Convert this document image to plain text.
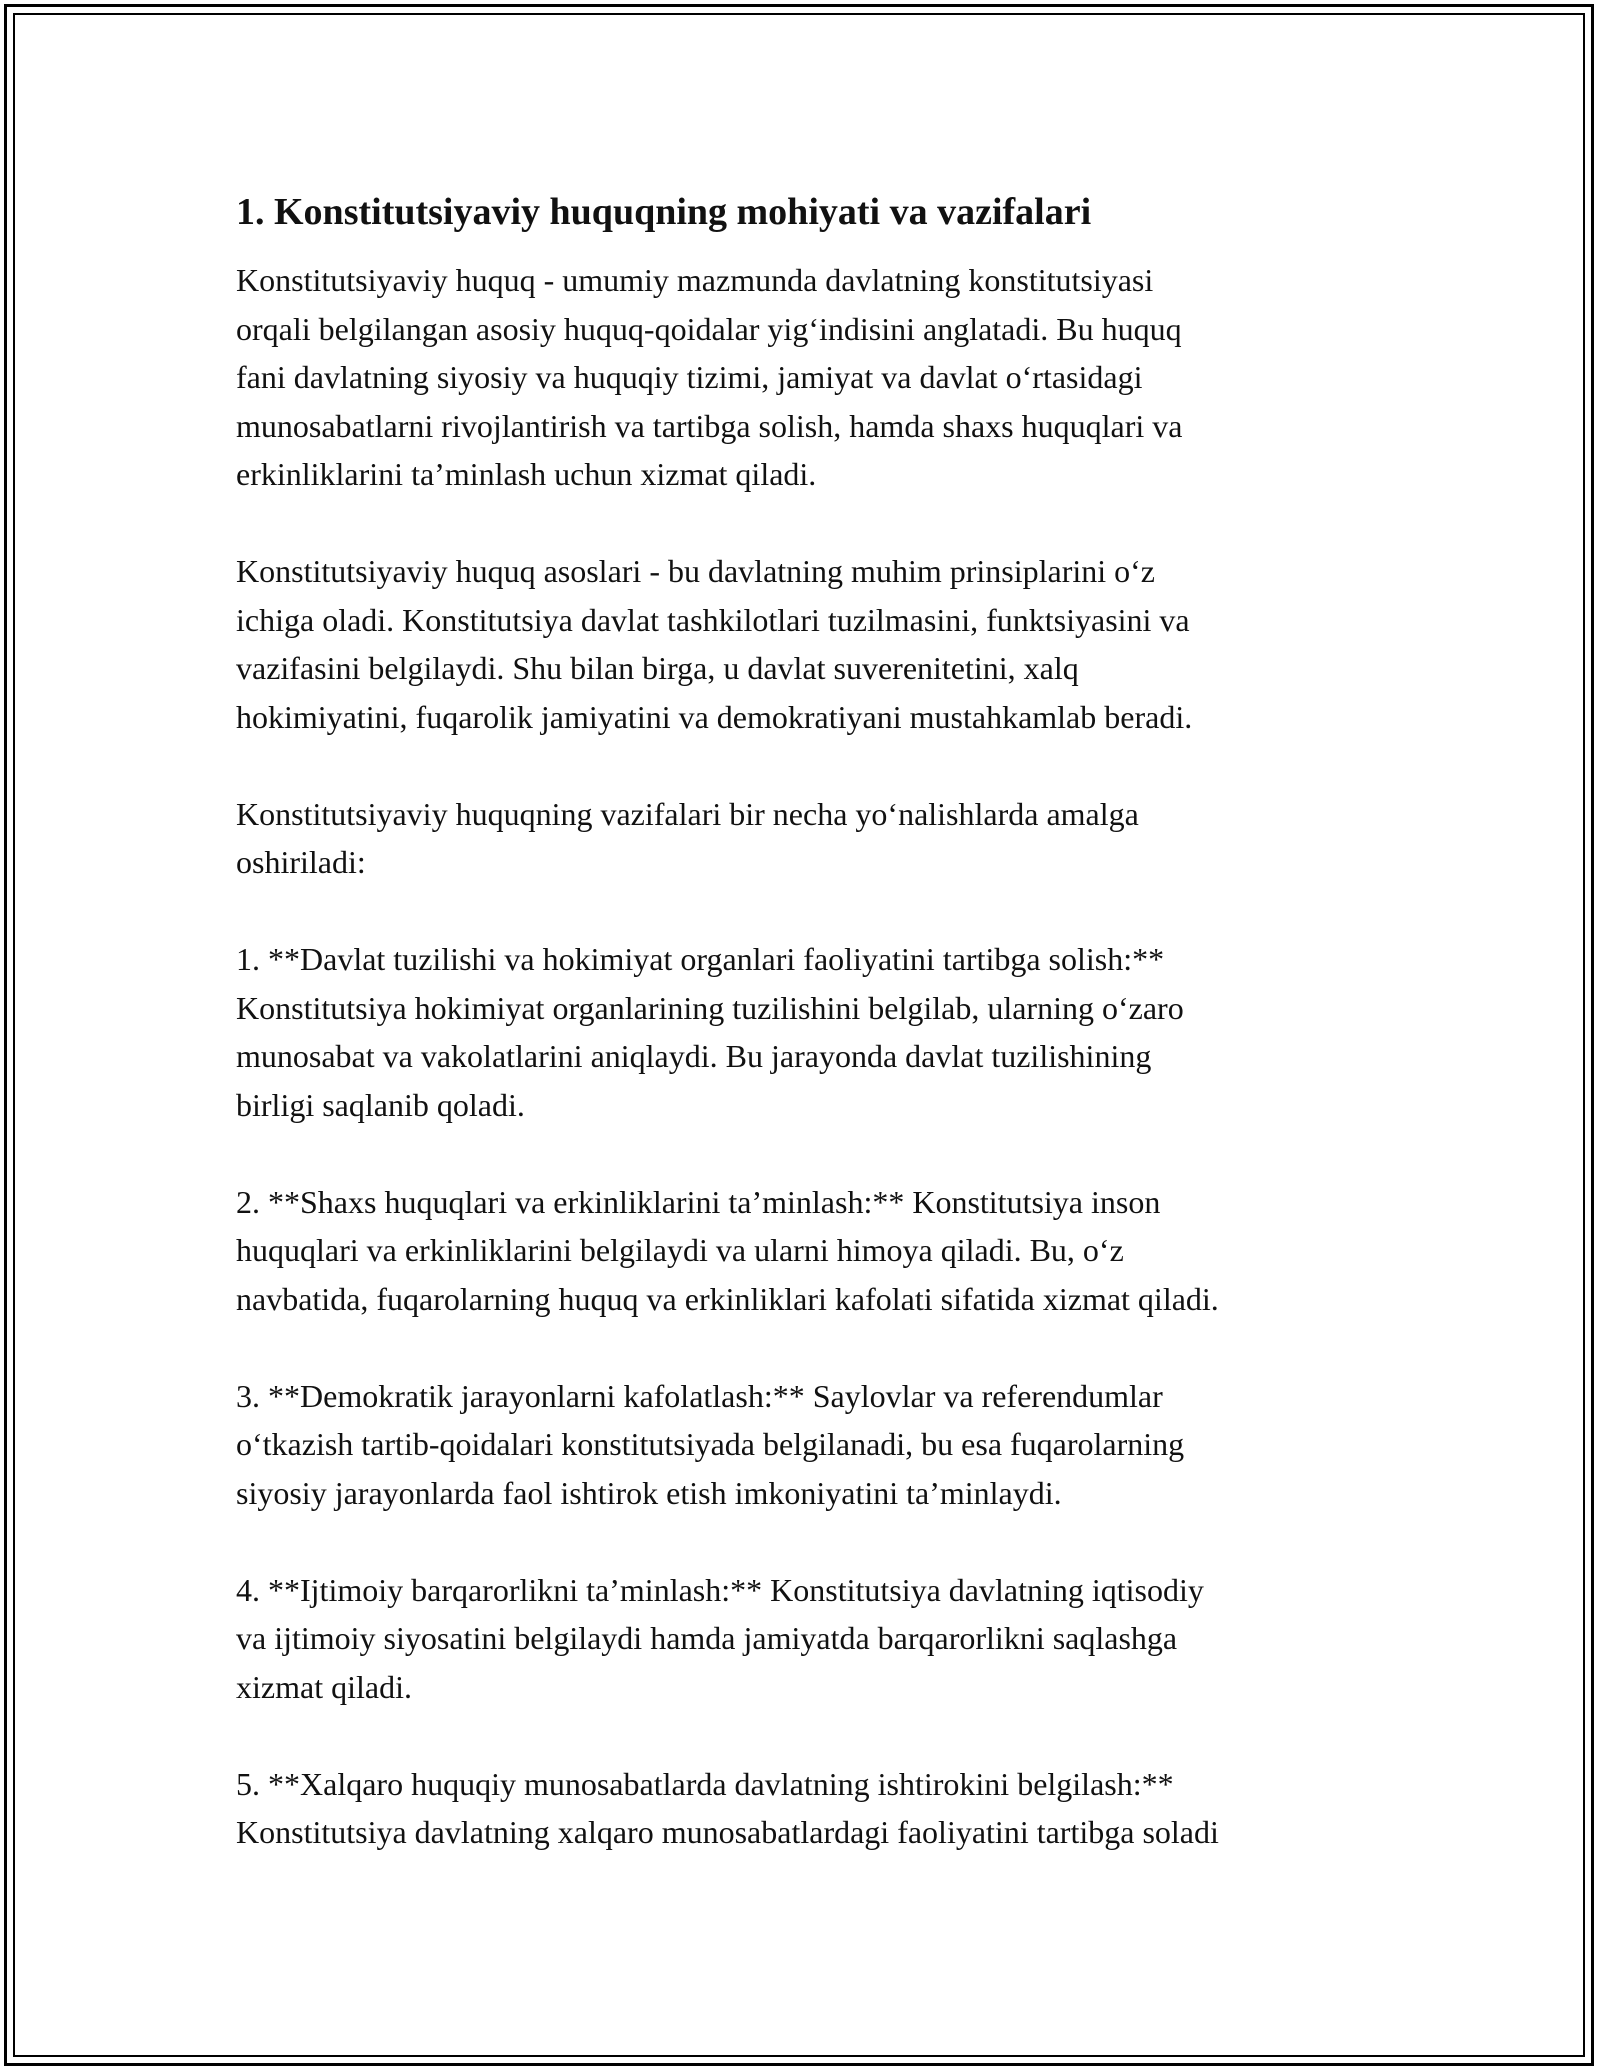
1. Konstitutsiyaviy huquqning mohiyati va vazifalari

Konstitutsiyaviy huquq - umumiy mazmunda davlatning konstitutsiyasi
orqali belgilangan asosiy huquq-qoidalar yig‘indisini anglatadi. Bu huquq
fani davlatning siyosiy va huquqiy tizimi, jamiyat va davlat o‘rtasidagi
munosabatlarni rivojlantirish va tartibga solish, hamda shaxs huquqlari va
erkinliklarini ta’minlash uchun xizmat qiladi.

Konstitutsiyaviy huquq asoslari - bu davlatning muhim prinsiplarini o‘z
ichiga oladi. Konstitutsiya davlat tashkilotlari tuzilmasini, funktsiyasini va
vazifasini belgilaydi. Shu bilan birga, u davlat suverenitetini, xalq
hokimiyatini, fuqarolik jamiyatini va demokratiyani mustahkamlab beradi.

Konstitutsiyaviy huquqning vazifalari bir necha yo‘nalishlarda amalga
oshiriladi:

1. **Davlat tuzilishi va hokimiyat organlari faoliyatini tartibga solish:**
Konstitutsiya hokimiyat organlarining tuzilishini belgilab, ularning o‘zaro
munosabat va vakolatlarini aniqlaydi. Bu jarayonda davlat tuzilishining
birligi saqlanib qoladi.

2. **Shaxs huquqlari va erkinliklarini ta’minlash:** Konstitutsiya inson
huquqlari va erkinliklarini belgilaydi va ularni himoya qiladi. Bu, o‘z
navbatida, fuqarolarning huquq va erkinliklari kafolati sifatida xizmat qiladi.

3. **Demokratik jarayonlarni kafolatlash:** Saylovlar va referendumlar
o‘tkazish tartib-qoidalari konstitutsiyada belgilanadi, bu esa fuqarolarning
siyosiy jarayonlarda faol ishtirok etish imkoniyatini ta’minlaydi.

4. **Ijtimoiy barqarorlikni ta’minlash:** Konstitutsiya davlatning iqtisodiy
va ijtimoiy siyosatini belgilaydi hamda jamiyatda barqarorlikni saqlashga
xizmat qiladi.

5. **Xalqaro huquqiy munosabatlarda davlatning ishtirokini belgilash:**
Konstitutsiya davlatning xalqaro munosabatlardagi faoliyatini tartibga soladi
